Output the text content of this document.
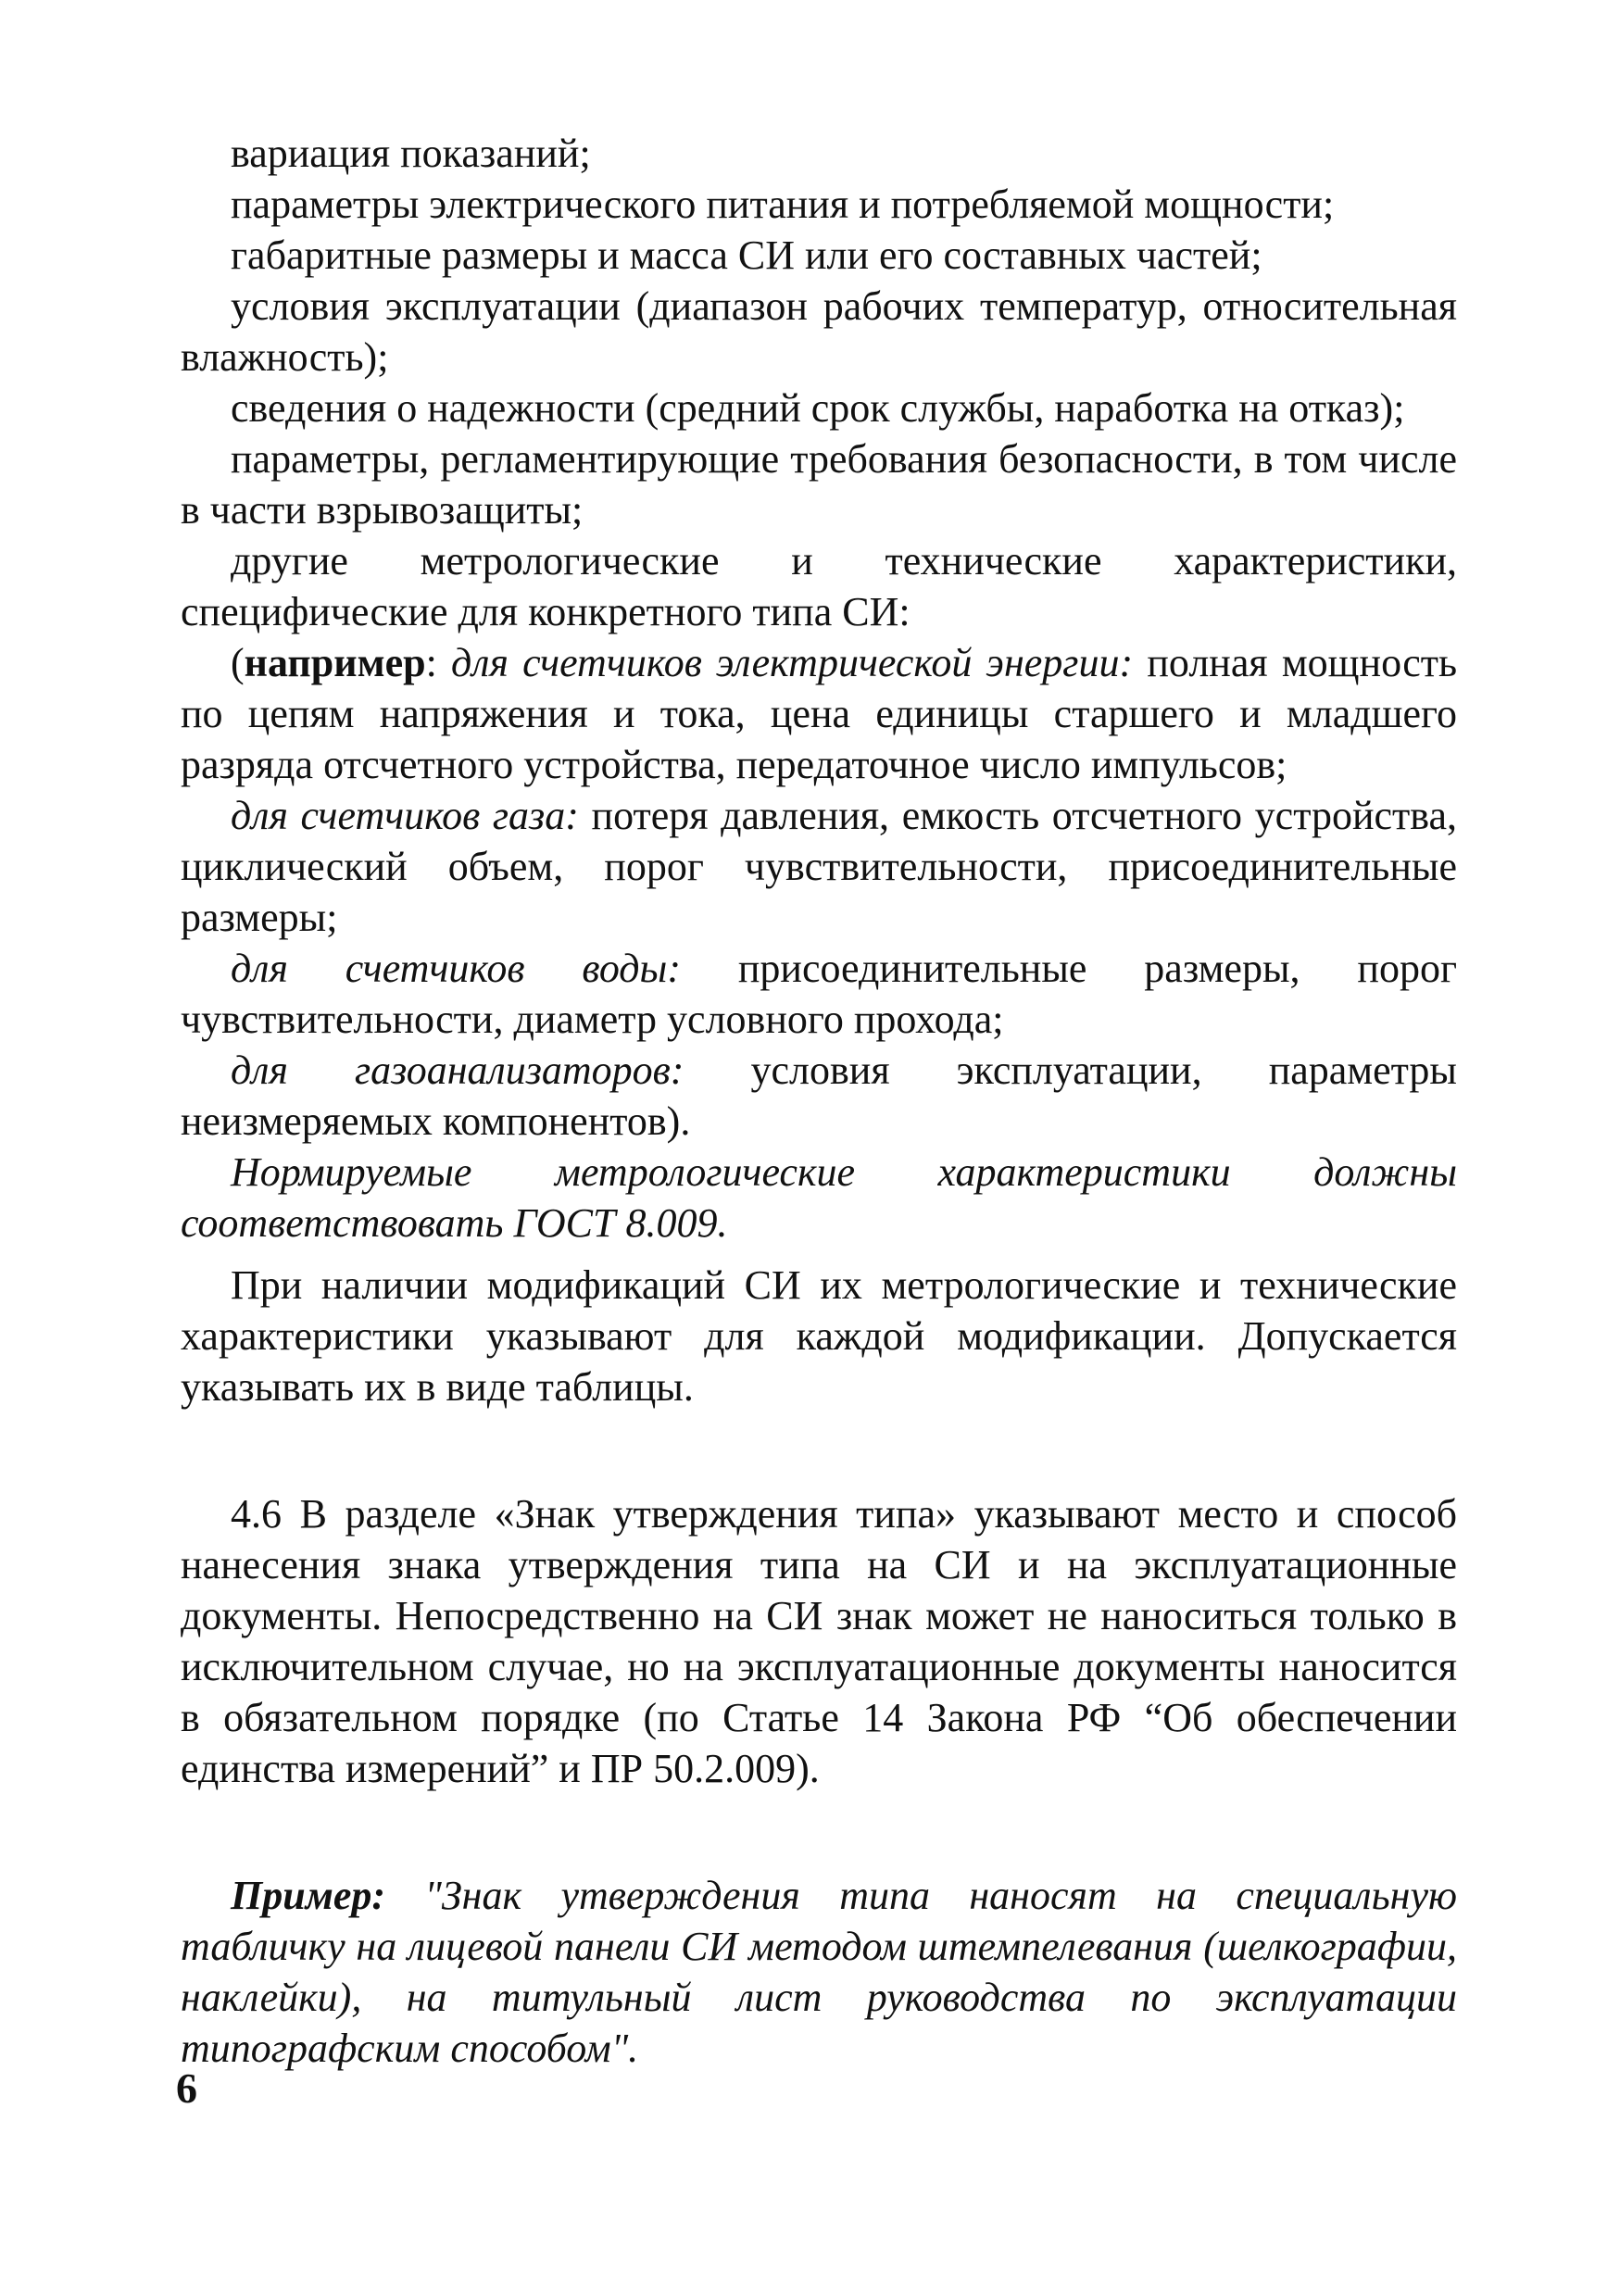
вариация показаний;

параметры электрического питания и потребляемой мощности;

габаритные размеры и масса СИ или его составных частей;

условия эксплуатации (диапазон рабочих температур, относительная влажность);

сведения о надежности (средний срок службы, наработка на отказ);

параметры, регламентирующие требования безопасности, в том числе в части взрывозащиты;

другие метрологические и технические характеристики, специфические для конкретного типа СИ:

(например: для счетчиков электрической энергии: полная мощность по цепям напряжения и тока, цена единицы старшего и младшего разряда отсчетного устройства, передаточное число импульсов;

для счетчиков газа: потеря давления, емкость отсчетного устройства, циклический объем, порог чувствительности, присоединительные размеры;

для счетчиков воды: присоединительные размеры, порог чувствительности, диаметр условного прохода;

для газоанализаторов: условия эксплуатации, параметры неизмеряемых компонентов).

Нормируемые метрологические характеристики должны соответствовать ГОСТ 8.009.

При наличии модификаций СИ их метрологические и технические характеристики указывают для каждой модификации. Допускается указывать их в виде таблицы.

4.6 В разделе «Знак утверждения типа» указывают место и способ нанесения знака утверждения типа на СИ и на эксплуатационные документы. Непосредственно на СИ знак может не наноситься только в исключительном случае, но на эксплуатационные документы наносится в обязательном порядке (по Статье 14 Закона РФ “Об обеспечении единства измерений” и ПР 50.2.009).

Пример: "Знак утверждения типа наносят на специальную табличку на лицевой панели СИ методом штемпелевания (шелкографии, наклейки), на титульный лист руководства по эксплуатации типографским способом".

6
